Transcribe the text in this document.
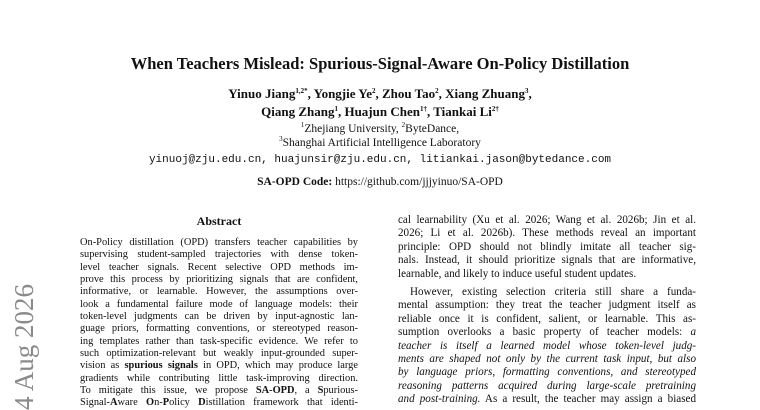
4 Aug 2026
When Teachers Mislead: Spurious-Signal-Aware On-Policy Distillation
Yinuo Jiang$^{1,2*}$, Yongjie Ye$^2$, Zhou Tao$^2$, Xiang Zhuang$^3$,
Qiang Zhang$^1$, Huajun Chen$^{1\dagger}$, Tiankai $Li^{2\dagger}$
$^1$Zhejiang University, $^2$ByteDance,
$^3$Shanghai Artificial Intelligence Laboratory
yinuoj@zju.edu.cn, huajunsir@zju.edu.cn, litiankai.jason@bytedance.com
SA-OPD Code: https://github.com/jjjyinuo/SA-OPD
Abstract
On-Policy distillation (OPD) transfers teacher capabilities by
supervising student-sampled trajectories with dense token-
level teacher signals. Recent selective OPD methods im-
prove this process by prioritizing signals that are confident,
informative, or learnable. However, the assumptions over-
look a fundamental failure mode of language models: their
token-level judgments can be driven by input-agnostic lan-
guage priors, formatting conventions, or stereotyped reason-
ing templates rather than task-specific evidence. We refer to
such optimization-relevant but weakly input-grounded super-
vision as spurious signals in OPD, which may produce large
gradients while contributing little task-improving direction.
To mitigate this issue, we propose SA-OPD, a Spurious-
Signal-Aware On-Policy Distillation framework that identi-
cal learnability (Xu et al. 2026; Wang et al. 2026b; Jin et al.
2026; Li et al. 2026b). These methods reveal an important
principle: OPD should not blindly imitate all teacher sig-
nals. Instead, it should prioritize signals that are informative,
learnable, and likely to induce useful student updates.
However, existing selection criteria still share a funda-
mental assumption: they treat the teacher judgment itself as
reliable once it is confident, salient, or learnable. This as-
sumption overlooks a basic property of teacher models: a
teacher is itself a learned model whose token-level judg-
ments are shaped not only by the current task input, but also
by language priors, formatting conventions, and stereotyped
reasoning patterns acquired during large-scale pretraining
and post-training. As a result, the teacher may assign a biased
